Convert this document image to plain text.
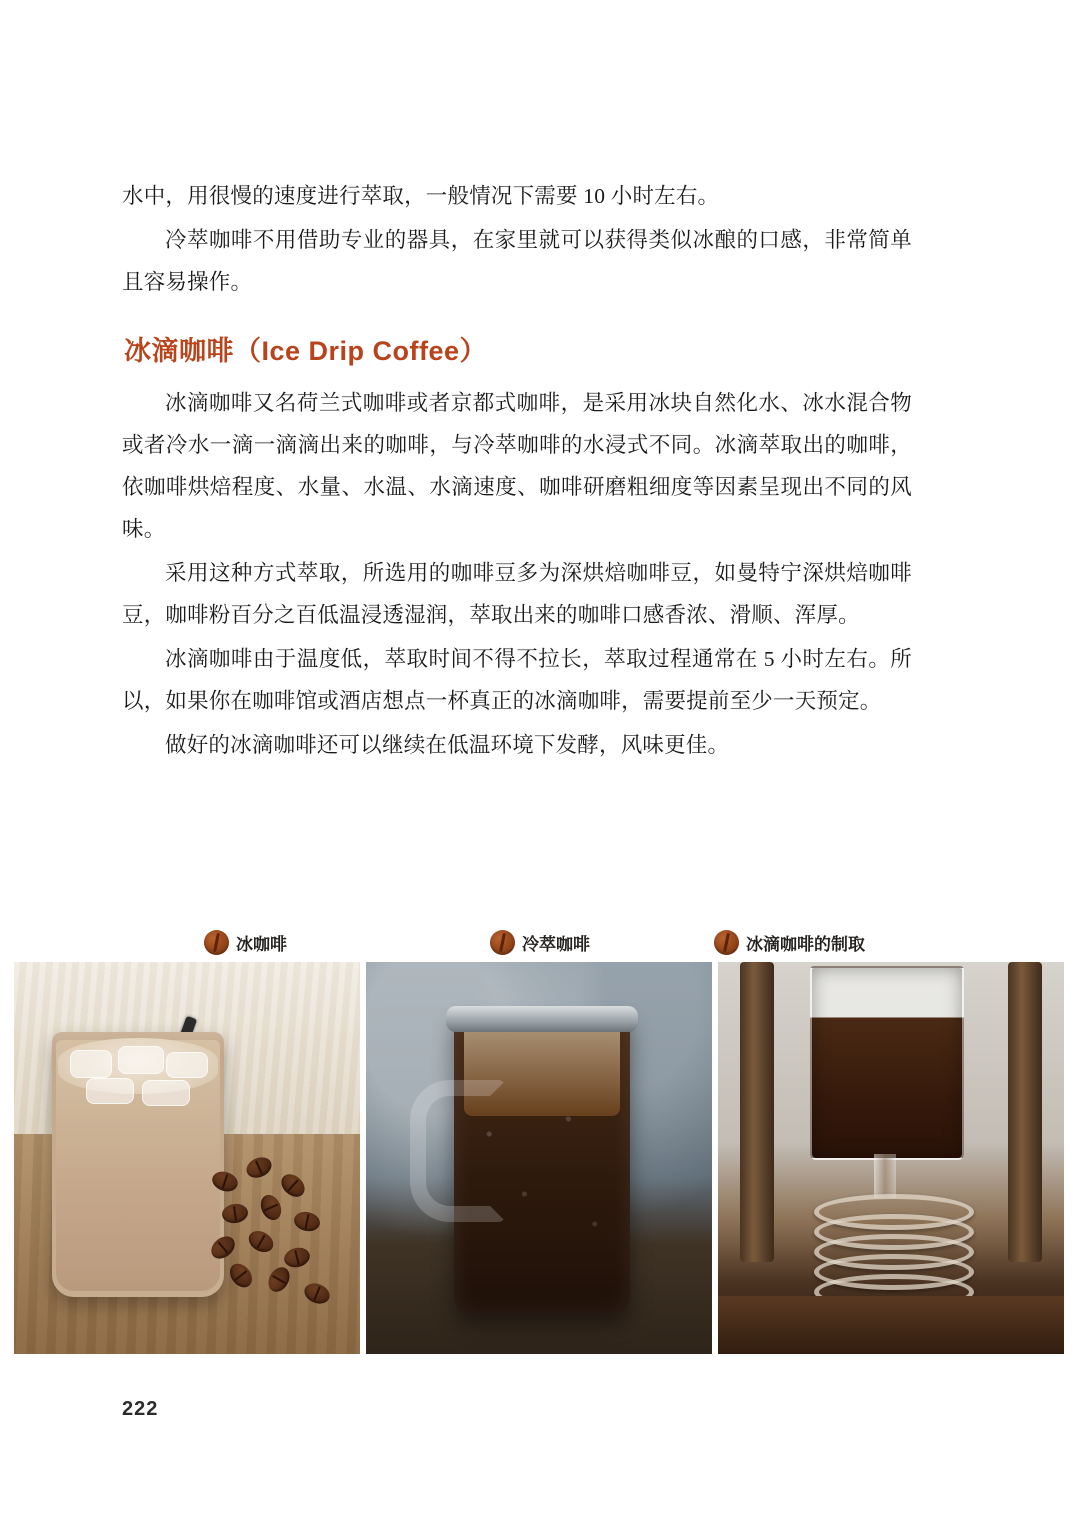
水中，用很慢的速度进行萃取，一般情况下需要 10 小时左右。

冷萃咖啡不用借助专业的器具，在家里就可以获得类似冰酿的口感，非常简单且容易操作。

冰滴咖啡（Ice Drip Coffee）

冰滴咖啡又名荷兰式咖啡或者京都式咖啡，是采用冰块自然化水、冰水混合物或者冷水一滴一滴滴出来的咖啡，与冷萃咖啡的水浸式不同。冰滴萃取出的咖啡，依咖啡烘焙程度、水量、水温、水滴速度、咖啡研磨粗细度等因素呈现出不同的风味。

采用这种方式萃取，所选用的咖啡豆多为深烘焙咖啡豆，如曼特宁深烘焙咖啡豆，咖啡粉百分之百低温浸透湿润，萃取出来的咖啡口感香浓、滑顺、浑厚。

冰滴咖啡由于温度低，萃取时间不得不拉长，萃取过程通常在 5 小时左右。所以，如果你在咖啡馆或酒店想点一杯真正的冰滴咖啡，需要提前至少一天预定。

做好的冰滴咖啡还可以继续在低温环境下发酵，风味更佳。

冰咖啡	冷萃咖啡	冰滴咖啡的制取
222
